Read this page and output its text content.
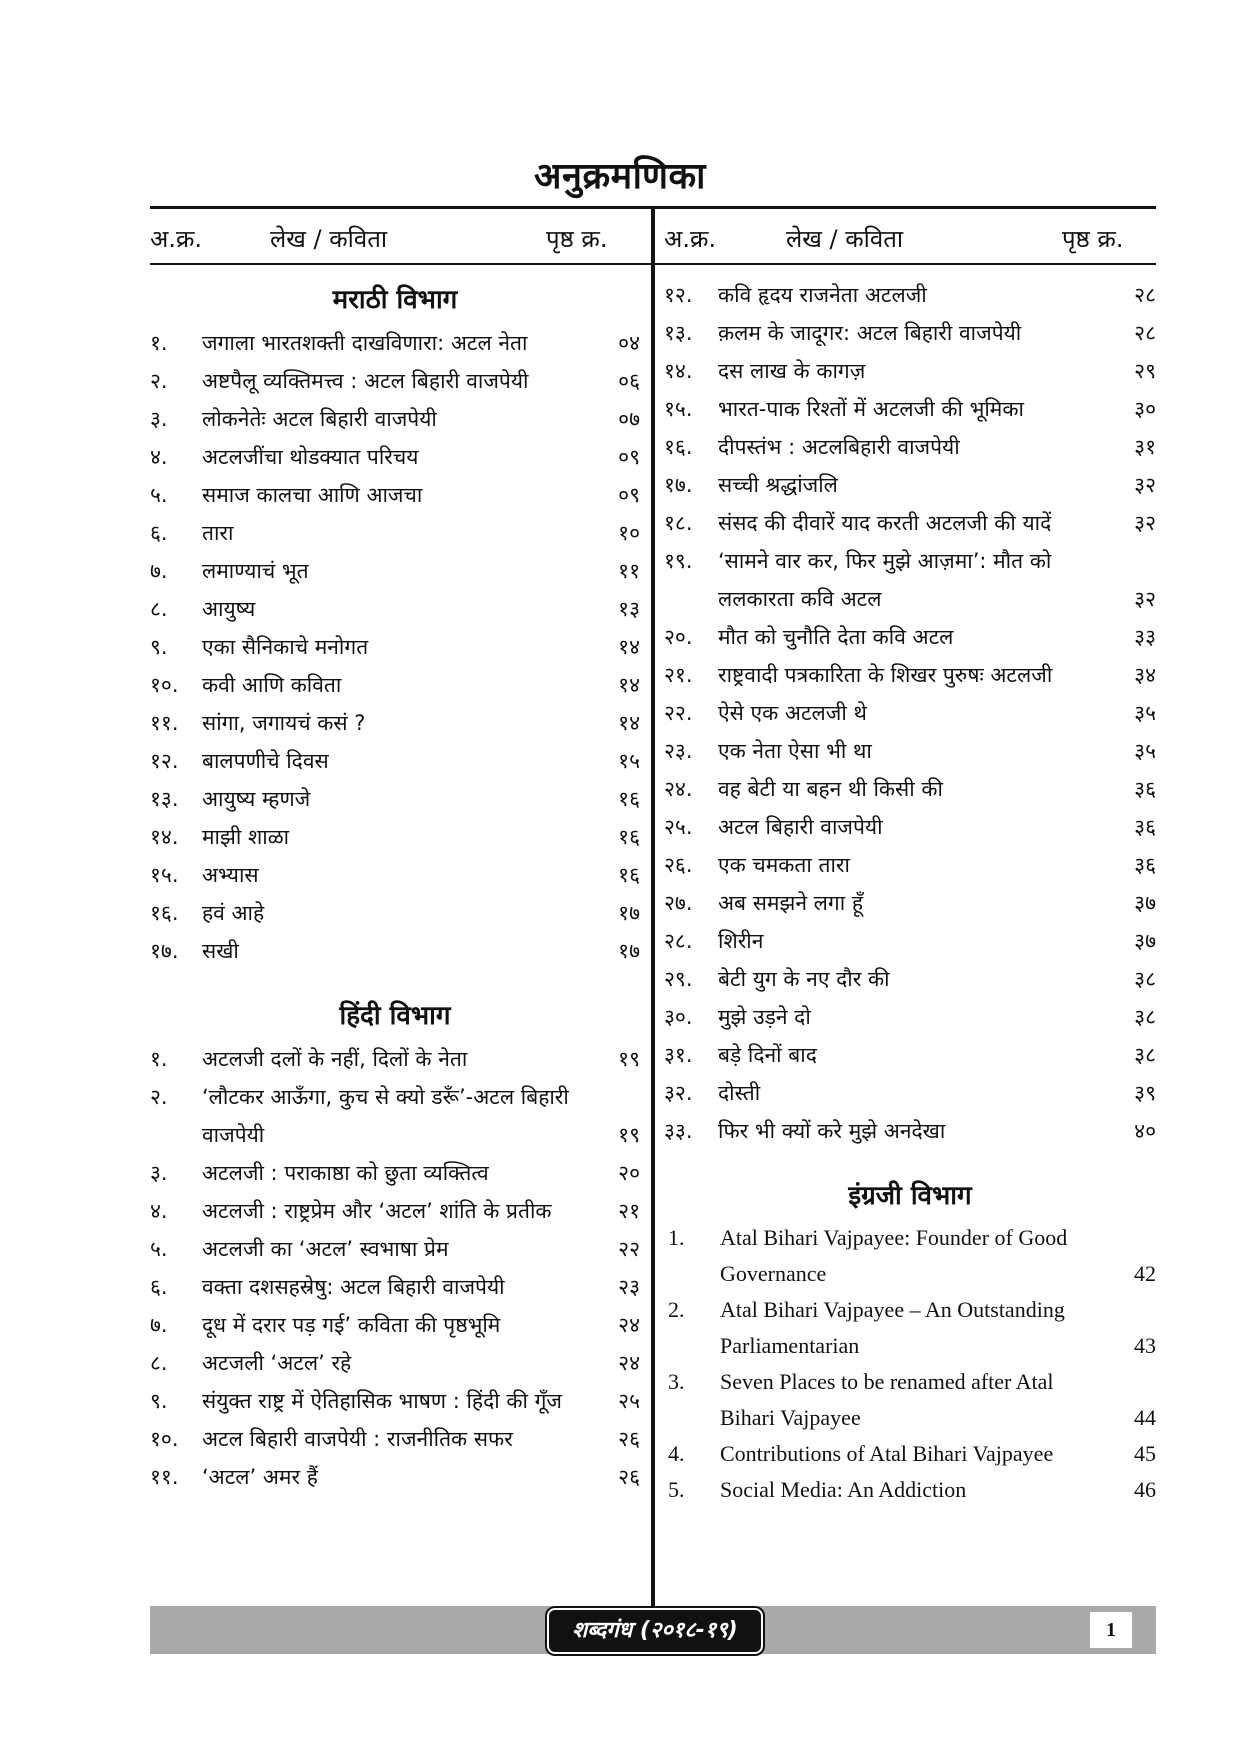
अनुक्रमणिका
अ.क्र.	लेख / कविता	पृष्ठ क्र. अ.क्र.	लेख / कविता	पृष्ठ क्र.
मराठी विभाग
१.	जगाला भारतशक्ती दाखविणारा: अटल नेता	०४
२.	अष्टपैलू व्यक्तिमत्त्व : अटल बिहारी वाजपेयी	०६
३.	लोकनेतेः अटल बिहारी वाजपेयी	०७
४.	अटलजींचा थोडक्यात परिचय	०९
५.	समाज कालचा आणि आजचा	०९
६.	तारा	१०
७.	लमाण्याचं भूत	११
८.	आयुष्य	१३
९.	एका सैनिकाचे मनोगत	१४
१०.	कवी आणि कविता	१४
११.	सांगा, जगायचं कसं ?	१४
१२.	बालपणीचे दिवस	१५
१३.	आयुष्य म्हणजे	१६
१४.	माझी शाळा	१६
१५.	अभ्यास	१६
१६.	हवं आहे	१७
१७.	सखी	१७
हिंदी विभाग
१.	अटलजी दलों के नहीं, दिलों के नेता	१९
२.	‘लौटकर आऊँगा, कुच से क्यो डरूँ’-अटल बिहारी वाजपेयी	१९
३.	अटलजी : पराकाष्ठा को छुता व्यक्तित्व	२०
४.	अटलजी : राष्ट्रप्रेम और ‘अटल’ शांति के प्रतीक	२१
५.	अटलजी का ‘अटल’ स्वभाषा प्रेम	२२
६.	वक्ता दशसहस्रेषु: अटल बिहारी वाजपेयी	२३
७.	दूध में दरार पड़ गई’ कविता की पृष्ठभूमि	२४
८.	अटजली ‘अटल’ रहे	२४
९.	संयुक्त राष्ट्र में ऐतिहासिक भाषण : हिंदी की गूँज	२५
१०.	अटल बिहारी वाजपेयी : राजनीतिक सफर	२६
११.	‘अटल’ अमर हैं	२६
१२.	कवि हृदय राजनेता अटलजी	२८
१३.	क़लम के जादूगर: अटल बिहारी वाजपेयी	२८
१४.	दस लाख के कागज़	२९
१५.	भारत-पाक रिश्तों में अटलजी की भूमिका	३०
१६.	दीपस्तंभ : अटलबिहारी वाजपेयी	३१
१७.	सच्ची श्रद्धांजलि	३२
१८.	संसद की दीवारें याद करती अटलजी की यादें	३२
१९.	‘सामने वार कर, फिर मुझे आज़मा’: मौत को ललकारता कवि अटल	३२
२०.	मौत को चुनौति देता कवि अटल	३३
२१.	राष्ट्रवादी पत्रकारिता के शिखर पुरुषः अटलजी	३४
२२.	ऐसे एक अटलजी थे	३५
२३.	एक नेता ऐसा भी था	३५
२४.	वह बेटी या बहन थी किसी की	३६
२५.	अटल बिहारी वाजपेयी	३६
२६.	एक चमकता तारा	३६
२७.	अब समझने लगा हूँ	३७
२८.	शिरीन	३७
२९.	बेटी युग के नए दौर की	३८
३०.	मुझे उड़ने दो	३८
३१.	बड़े दिनों बाद	३८
३२.	दोस्ती	३९
३३.	फिर भी क्यों करे मुझे अनदेखा	४०
इंग्रजी विभाग
1.	Atal Bihari Vajpayee: Founder of Good Governance	42
2.	Atal Bihari Vajpayee – An Outstanding Parliamentarian	43
3.	Seven Places to be renamed after Atal Bihari Vajpayee	44
4.	Contributions of Atal Bihari Vajpayee	45
5.	Social Media: An Addiction	46
शब्दगंध (२०१८-१९)	1
